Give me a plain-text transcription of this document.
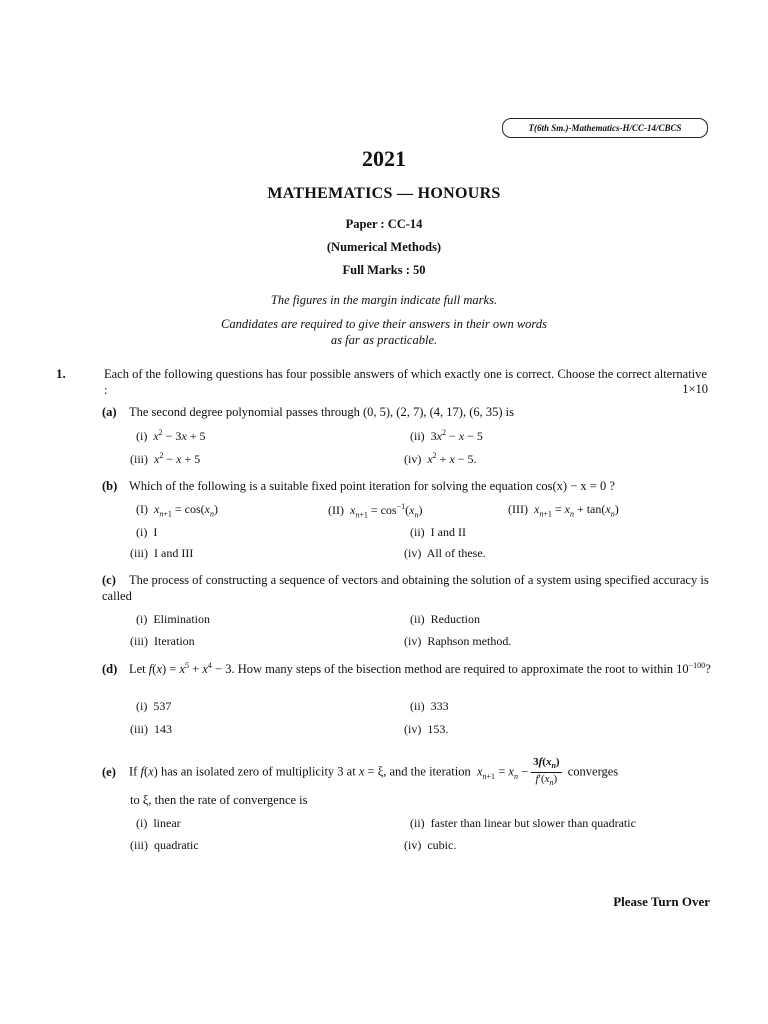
T(6th Sm.)-Mathematics-H/CC-14/CBCS
2021
MATHEMATICS — HONOURS
Paper : CC-14
(Numerical Methods)
Full Marks : 50
The figures in the margin indicate full marks.
Candidates are required to give their answers in their own words
as far as practicable.
1.	Each of the following questions has four possible answers of which exactly one is correct. Choose the correct alternative :	1×10
(a) The second degree polynomial passes through (0, 5), (2, 7), (4, 17), (6, 35) is
(i) $x^2 - 3x + 5$	(ii)  $3x^2 - x - 5$
(iii) $x^2 - x + 5$	(iv) $x^2 + x - 5$.
(b) Which of the following is a suitable fixed point iteration for solving the equation cos(x) − x = 0 ?
(I) $x_{n+1} = \cos(x_n)$	(II) $x_{n+1} = \cos^{-1}(x_n)$	(III) $x_{n+1} = x_n + \tan(x_n)$
(i) I	(ii) I and II
(iii) I and III	(iv) All of these.
(c) The process of constructing a sequence of vectors and obtaining the solution of a system using specified accuracy is called
(i) Elimination	(ii) Reduction
(iii) Iteration	(iv) Raphson method.
(d) Let $f(x) = x^5 + x^4 - 3$. How many steps of the bisection method are required to approximate the root to within $10^{-100}$?
(i) 537	(ii) 333
(iii) 143	(iv) 153.
(e) If f(x) has an isolated zero of multiplicity 3 at x = ξ, and the iteration  $x_{n+1} = x_n - \frac{3f(x_n)}{f'(x_n)}$ converges
to ξ, then the rate of convergence is
(i) linear	(ii) faster than linear but slower than quadratic
(iii) quadratic	(iv) cubic.
Please Turn Over
